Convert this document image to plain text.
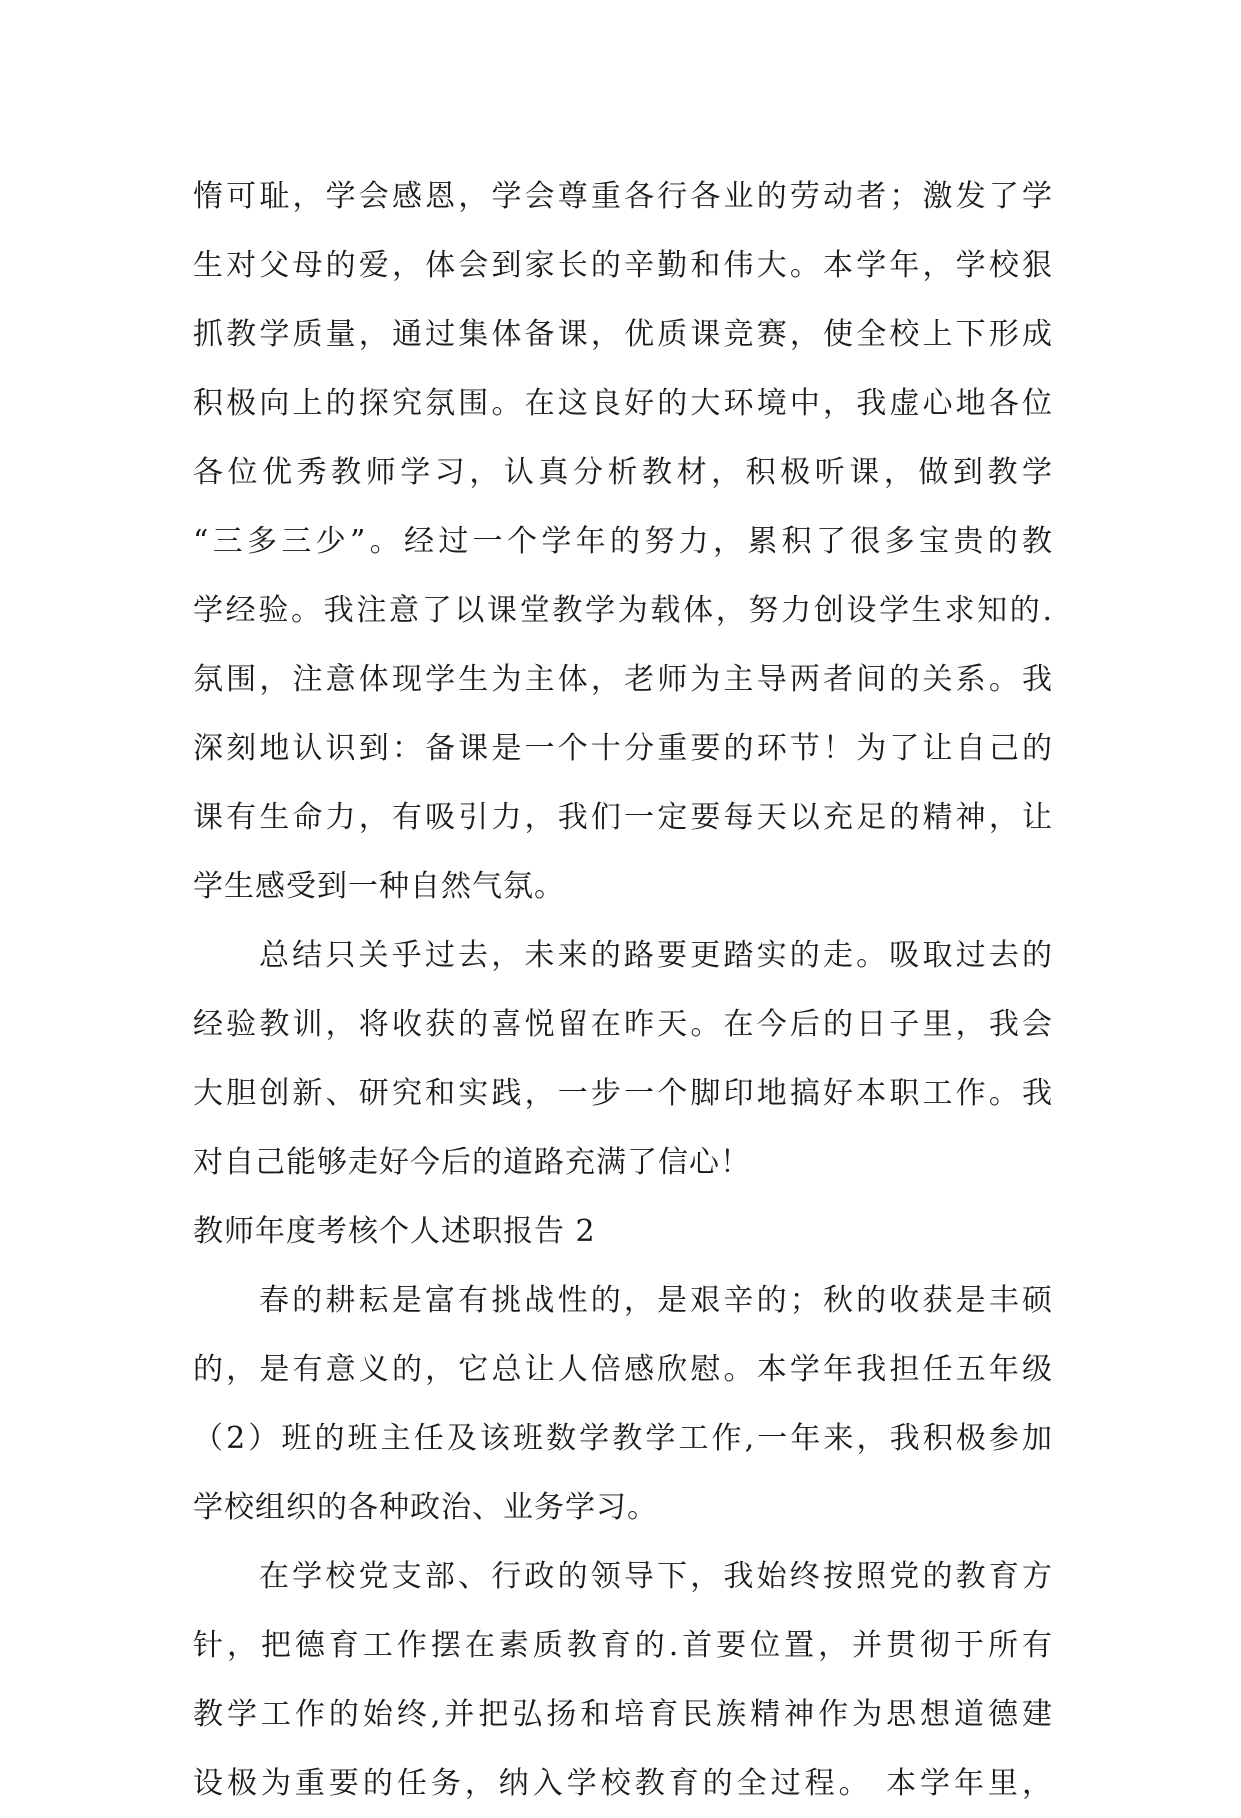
惰可耻，学会感恩，学会尊重各行各业的劳动者；激发了学
生对父母的爱，体会到家长的辛勤和伟大。本学年，学校狠
抓教学质量，通过集体备课，优质课竞赛，使全校上下形成
积极向上的探究氛围。在这良好的大环境中，我虚心地各位
各位优秀教师学习，认真分析教材，积极听课，做到教学
“三多三少”。经过一个学年的努力，累积了很多宝贵的教
学经验。我注意了以课堂教学为载体，努力创设学生求知的.
氛围，注意体现学生为主体，老师为主导两者间的关系。我
深刻地认识到：备课是一个十分重要的环节！为了让自己的
课有生命力，有吸引力，我们一定要每天以充足的精神，让
学生感受到一种自然气氛。
总结只关乎过去，未来的路要更踏实的走。吸取过去的
经验教训，将收获的喜悦留在昨天。在今后的日子里，我会
大胆创新、研究和实践，一步一个脚印地搞好本职工作。我
对自己能够走好今后的道路充满了信心！
教师年度考核个人述职报告 2
春的耕耘是富有挑战性的，是艰辛的；秋的收获是丰硕
的，是有意义的，它总让人倍感欣慰。本学年我担任五年级
（2）班的班主任及该班数学教学工作,一年来，我积极参加
学校组织的各种政治、业务学习。
在学校党支部、行政的领导下，我始终按照党的教育方
针，把德育工作摆在素质教育的.首要位置，并贯彻于所有
教学工作的始终,并把弘扬和培育民族精神作为思想道德建
设极为重要的任务，纳入学校教育的全过程。 本学年里，
